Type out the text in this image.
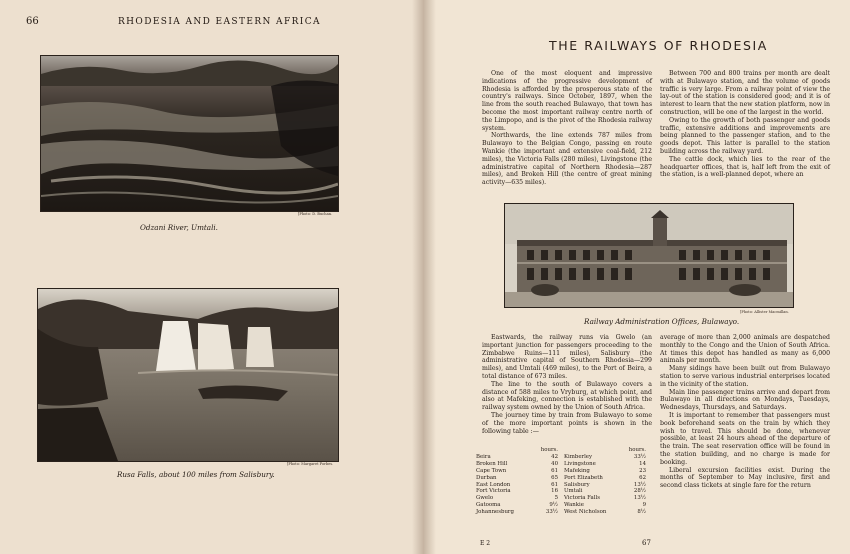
66	RHODESIA AND EASTERN AFRICA
[Photo: D. Buchan.
Odzani River, Umtali.
[Photo: Margaret Forbes.
Rusa Falls, about 100 miles from Salisbury.
THE RAILWAYS OF RHODESIA

One of the most eloquent and impressive indications of the progressive development of Rhodesia is afforded by the prosperous state of the country's railways. Since October, 1897, when the line from the south reached Bulawayo, that town has become the most important railway centre north of the Limpopo, and is the pivot of the Rhodesia railway system.

Northwards, the line extends 787 miles from Bulawayo to the Belgian Congo, passing en route Wankie (the important and extensive coal-field, 212 miles), the Victoria Falls (280 miles), Livingstone (the administrative capital of Northern Rhodesia—287 miles), and Broken Hill (the centre of great mining activity—635 miles).

Between 700 and 800 trains per month are dealt with at Bulawayo station, and the volume of goods traffic is very large. From a railway point of view the lay-out of the station is considered good; and it is of interest to learn that the new station platform, now in construction, will be one of the largest in the world.

Owing to the growth of both passenger and goods traffic, extensive additions and improvements are being planned to the passenger station, and to the goods depot. This latter is parallel to the station building across the railway yard.

The cattle dock, which lies to the rear of the headquarter offices, that is, half left from the exit of the station, is a well-planned depot, where an

[Photo: Allister Macmillan.
Railway Administration Offices, Bulawayo.

Eastwards, the railway runs via Gwelo (an important junction for passengers proceeding to the Zimbabwe Ruins—111 miles), Salisbury (the administrative capital of Southern Rhodesia—299 miles), and Umtali (469 miles), to the Port of Beira, a total distance of 673 miles.

The line to the south of Bulawayo covers a distance of 588 miles to Vryburg, at which point, and also at Mafeking, connection is established with the railway system owned by the Union of South Africa.

The journey time by train from Bulawayo to some of the more important points is shown in the following table :—

hours.	hours.
Beira	42 Kimberley	33½
Broken Hill	40 Livingstone	14
Cape Town	61 Mafeking	23
Durban	65 Port Elizabeth	62
East London	61 Salisbury	13½
Fort Victoria	16 Umtali	28½
Gwelo	5 Victoria Falls	13½
Gatooma	9½ Wankie	9
Johannesburg	33½ West Nicholson	8½

average of more than 2,000 animals are despatched monthly to the Congo and the Union of South Africa. At times this depot has handled as many as 6,000 animals per month.

Many sidings have been built out from Bulawayo station to serve various industrial enterprises located in the vicinity of the station.

Main line passenger trains arrive and depart from Bulawayo in all directions on Mondays, Tuesdays, Wednesdays, Thursdays, and Saturdays.

It is important to remember that passengers must book beforehand seats on the train by which they wish to travel. This should be done, whenever possible, at least 24 hours ahead of the departure of the train. The seat reservation office will be found in the station building, and no charge is made for booking.

Liberal excursion facilities exist. During the months of September to May inclusive, first and second class tickets at single fare for the return

E 2	67
